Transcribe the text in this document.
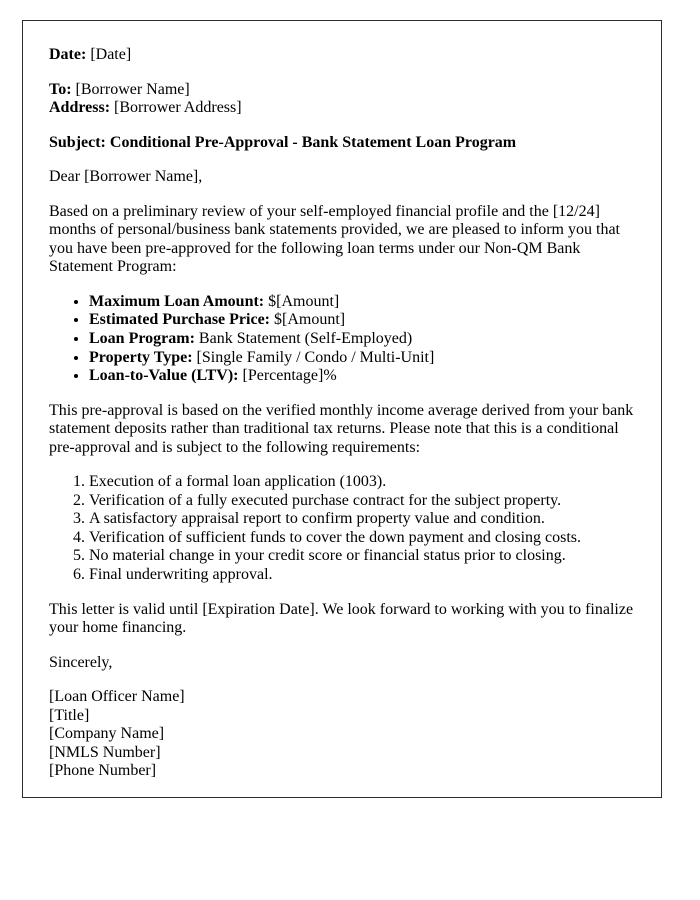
Date: [Date]

To: [Borrower Name]
Address: [Borrower Address]

Subject: Conditional Pre-Approval - Bank Statement Loan Program

Dear [Borrower Name],

Based on a preliminary review of your self-employed financial profile and the [12/24] months of personal/business bank statements provided, we are pleased to inform you that you have been pre-approved for the following loan terms under our Non-QM Bank Statement Program:

• Maximum Loan Amount: $[Amount]
• Estimated Purchase Price: $[Amount]
• Loan Program: Bank Statement (Self-Employed)
• Property Type: [Single Family / Condo / Multi-Unit]
• Loan-to-Value (LTV): [Percentage]%

This pre-approval is based on the verified monthly income average derived from your bank statement deposits rather than traditional tax returns. Please note that this is a conditional pre-approval and is subject to the following requirements:

1. Execution of a formal loan application (1003).
2. Verification of a fully executed purchase contract for the subject property.
3. A satisfactory appraisal report to confirm property value and condition.
4. Verification of sufficient funds to cover the down payment and closing costs.
5. No material change in your credit score or financial status prior to closing.
6. Final underwriting approval.

This letter is valid until [Expiration Date]. We look forward to working with you to finalize your home financing.

Sincerely,

[Loan Officer Name]
[Title]
[Company Name]
[NMLS Number]
[Phone Number]
